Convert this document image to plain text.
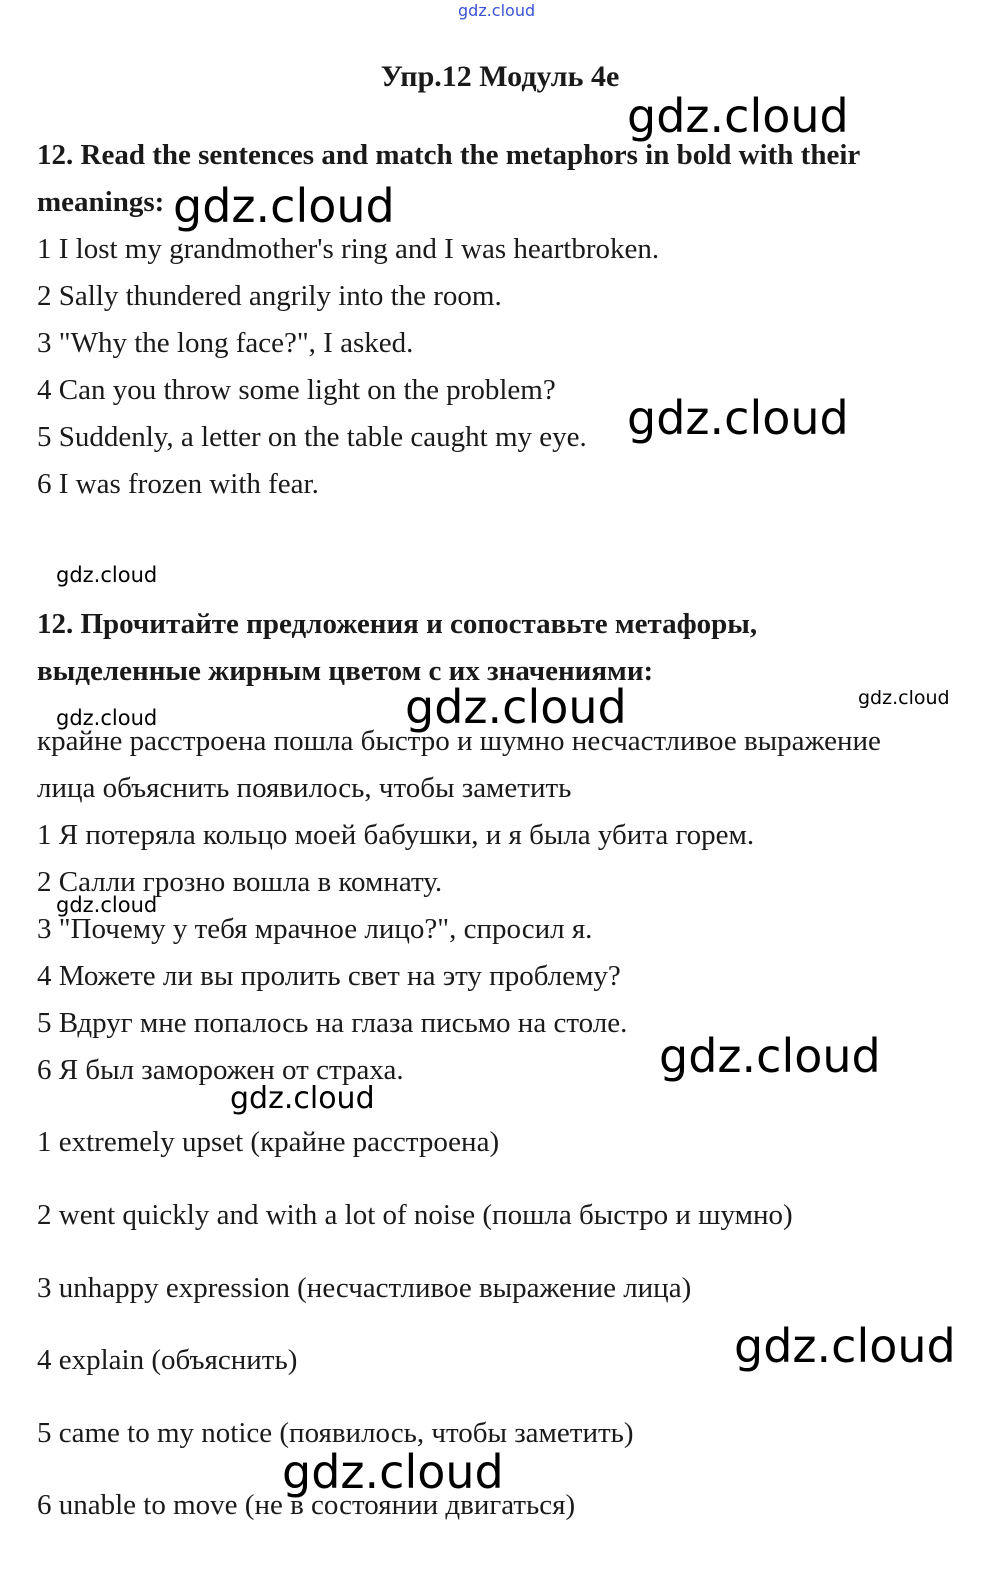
gdz.cloud
Упр.12 Модуль 4е
12. Read the sentences and match the metaphors in bold with their
meanings:
1 I lost my grandmother's ring and I was heartbroken.
2 Sally thundered angrily into the room.
3 "Why the long face?", I asked.
4 Can you throw some light on the problem?
5 Suddenly, a letter on the table caught my eye.
6 I was frozen with fear.
12. Прочитайте предложения и сопоставьте метафоры,
выделенные жирным цветом с их значениями:
крайне расстроена пошла быстро и шумно несчастливое выражение
лица объяснить появилось, чтобы заметить
1 Я потеряла кольцо моей бабушки, и я была убита горем.
2 Салли грозно вошла в комнату.
3 "Почему у тебя мрачное лицо?", спросил я.
4 Можете ли вы пролить свет на эту проблему?
5 Вдруг мне попалось на глаза письмо на столе.
6 Я был заморожен от страха.
1 extremely upset (крайне расстроена)
2 went quickly and with a lot of noise (пошла быстро и шумно)
3 unhappy expression (несчастливое выражение лица)
4 explain (объяснить)
5 came to my notice (появилось, чтобы заметить)
6 unable to move (не в состоянии двигаться)
gdz.cloud
gdz.cloud
gdz.cloud
gdz.cloud
gdz.cloud
gdz.cloud
gdz.cloud
gdz.cloud
gdz.cloud
gdz.cloud
gdz.cloud
gdz.cloud
